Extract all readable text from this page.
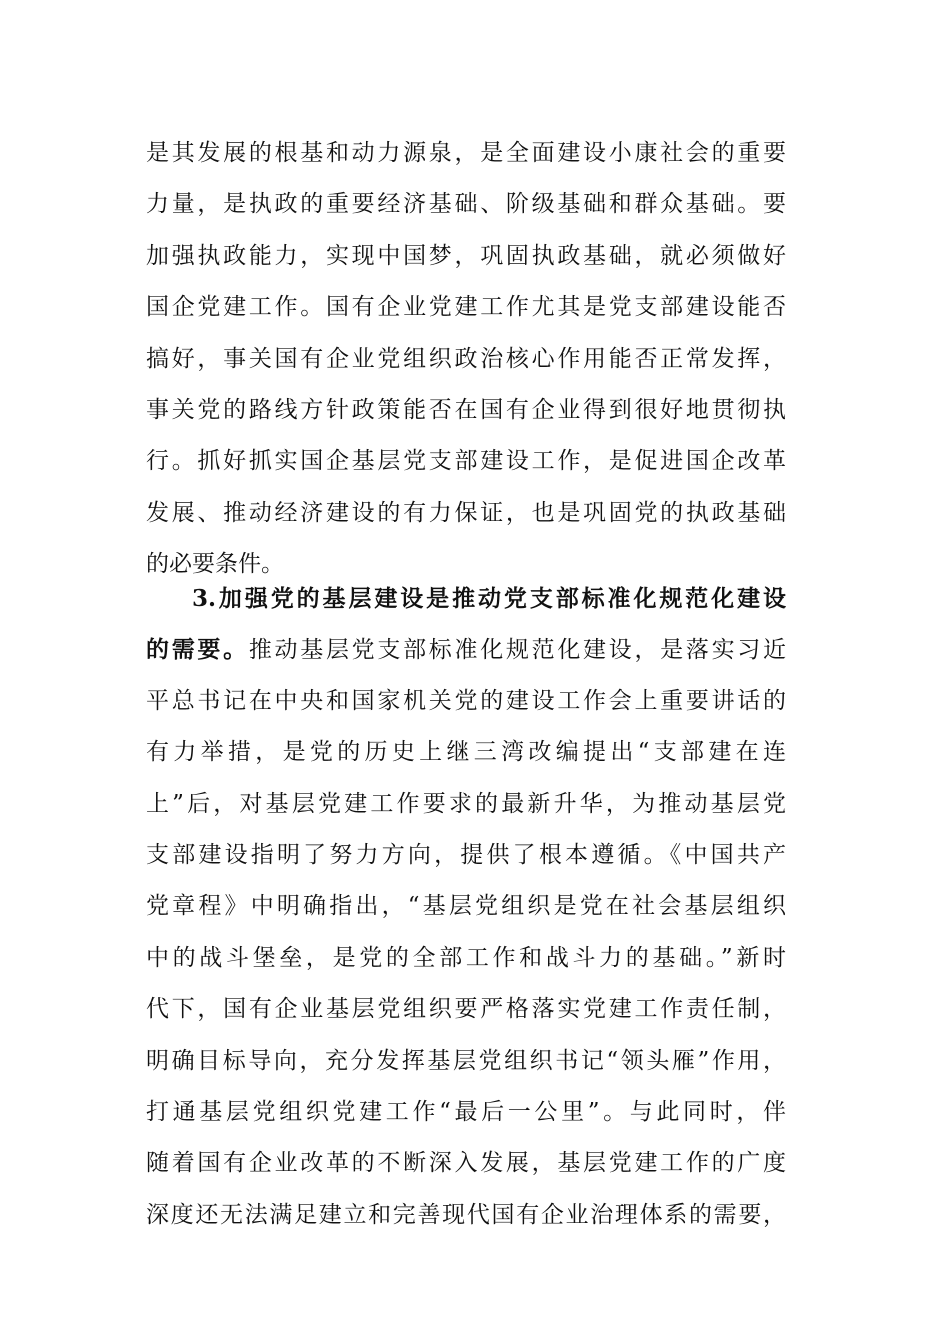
是其发展的根基和动力源泉，是全面建设小康社会的重要
力量，是执政的重要经济基础、阶级基础和群众基础。要
加强执政能力，实现中国梦，巩固执政基础，就必须做好
国企党建工作。国有企业党建工作尤其是党支部建设能否
搞好，事关国有企业党组织政治核心作用能否正常发挥，
事关党的路线方针政策能否在国有企业得到很好地贯彻执
行。抓好抓实国企基层党支部建设工作，是促进国企改革
发展、推动经济建设的有力保证，也是巩固党的执政基础
的必要条件。
3.加强党的基层建设是推动党支部标准化规范化建设
的需要。推动基层党支部标准化规范化建设，是落实习近
平总书记在中央和国家机关党的建设工作会上重要讲话的
有力举措，是党的历史上继三湾改编提出“支部建在连
上”后，对基层党建工作要求的最新升华，为推动基层党
支部建设指明了努力方向，提供了根本遵循。《中国共产
党章程》中明确指出，“基层党组织是党在社会基层组织
中的战斗堡垒，是党的全部工作和战斗力的基础。”新时
代下，国有企业基层党组织要严格落实党建工作责任制，
明确目标导向，充分发挥基层党组织书记“领头雁”作用，
打通基层党组织党建工作“最后一公里”。与此同时，伴
随着国有企业改革的不断深入发展，基层党建工作的广度
深度还无法满足建立和完善现代国有企业治理体系的需要，
